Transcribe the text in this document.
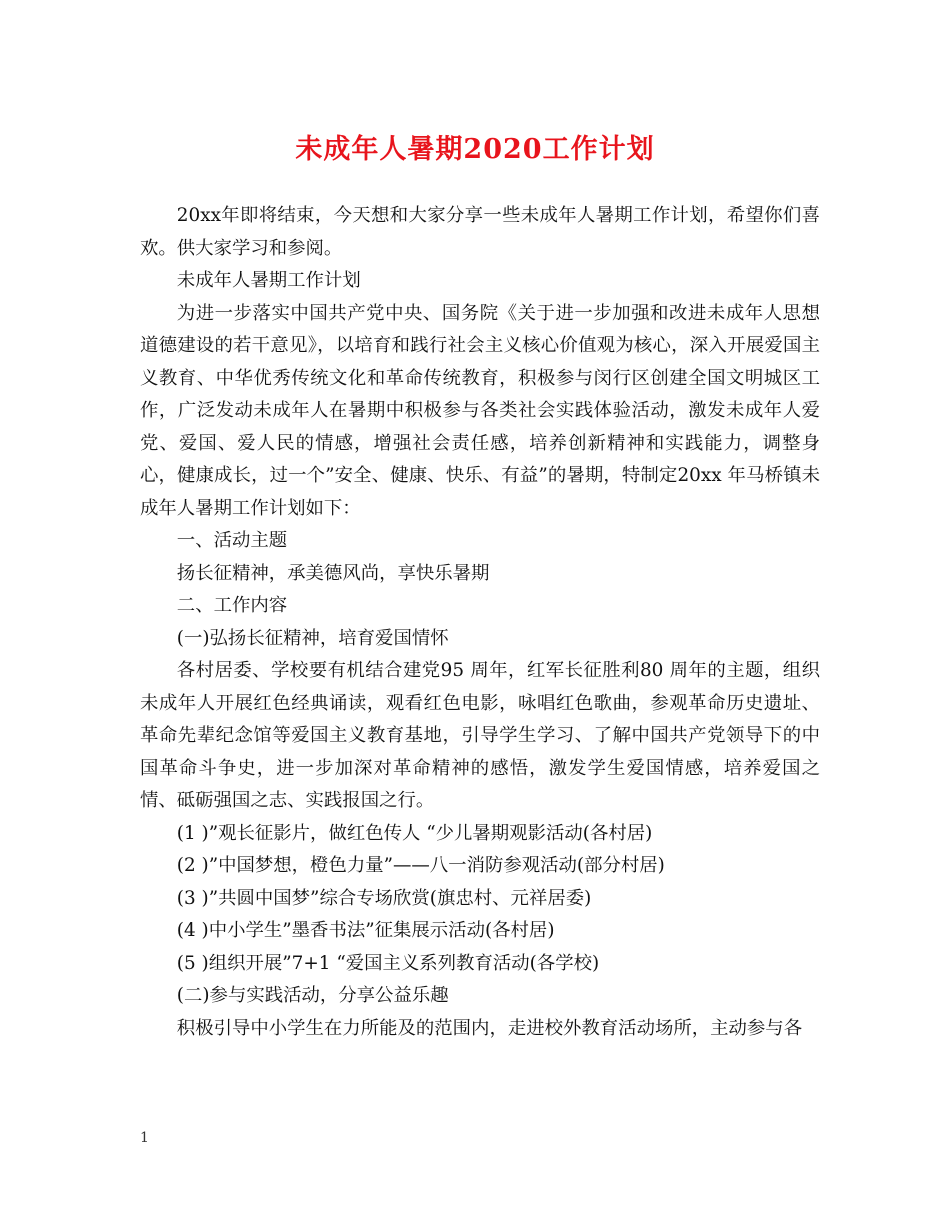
未成年人暑期2020工作计划

20xx年即将结束，今天想和大家分享一些未成年人暑期工作计划，希望你们喜欢。供大家学习和参阅。

未成年人暑期工作计划

为进一步落实中国共产党中央、国务院《关于进一步加强和改进未成年人思想道德建设的若干意见》，以培育和践行社会主义核心价值观为核心，深入开展爱国主义教育、中华优秀传统文化和革命传统教育，积极参与闵行区创建全国文明城区工作，广泛发动未成年人在暑期中积极参与各类社会实践体验活动，激发未成年人爱党、爱国、爱人民的情感，增强社会责任感，培养创新精神和实践能力，调整身心，健康成长，过一个”安全、健康、快乐、有益”的暑期，特制定20xx 年马桥镇未成年人暑期工作计划如下：

一、活动主题

扬长征精神，承美德风尚，享快乐暑期

二、工作内容

(一)弘扬长征精神，培育爱国情怀

各村居委、学校要有机结合建党95 周年，红军长征胜利80 周年的主题，组织未成年人开展红色经典诵读，观看红色电影，咏唱红色歌曲，参观革命历史遗址、革命先辈纪念馆等爱国主义教育基地，引导学生学习、了解中国共产党领导下的中国革命斗争史，进一步加深对革命精神的感悟，激发学生爱国情感，培养爱国之情、砥砺强国之志、实践报国之行。

(1 )”观长征影片，做红色传人 “少儿暑期观影活动(各村居)

(2 )”中国梦想，橙色力量”——八一消防参观活动(部分村居)

(3 )”共圆中国梦”综合专场欣赏(旗忠村、元祥居委)

(4 )中小学生”墨香书法”征集展示活动(各村居)

(5 )组织开展”7+1 “爱国主义系列教育活动(各学校)

(二)参与实践活动，分享公益乐趣

积极引导中小学生在力所能及的范围内，走进校外教育活动场所，主动参与各

1
